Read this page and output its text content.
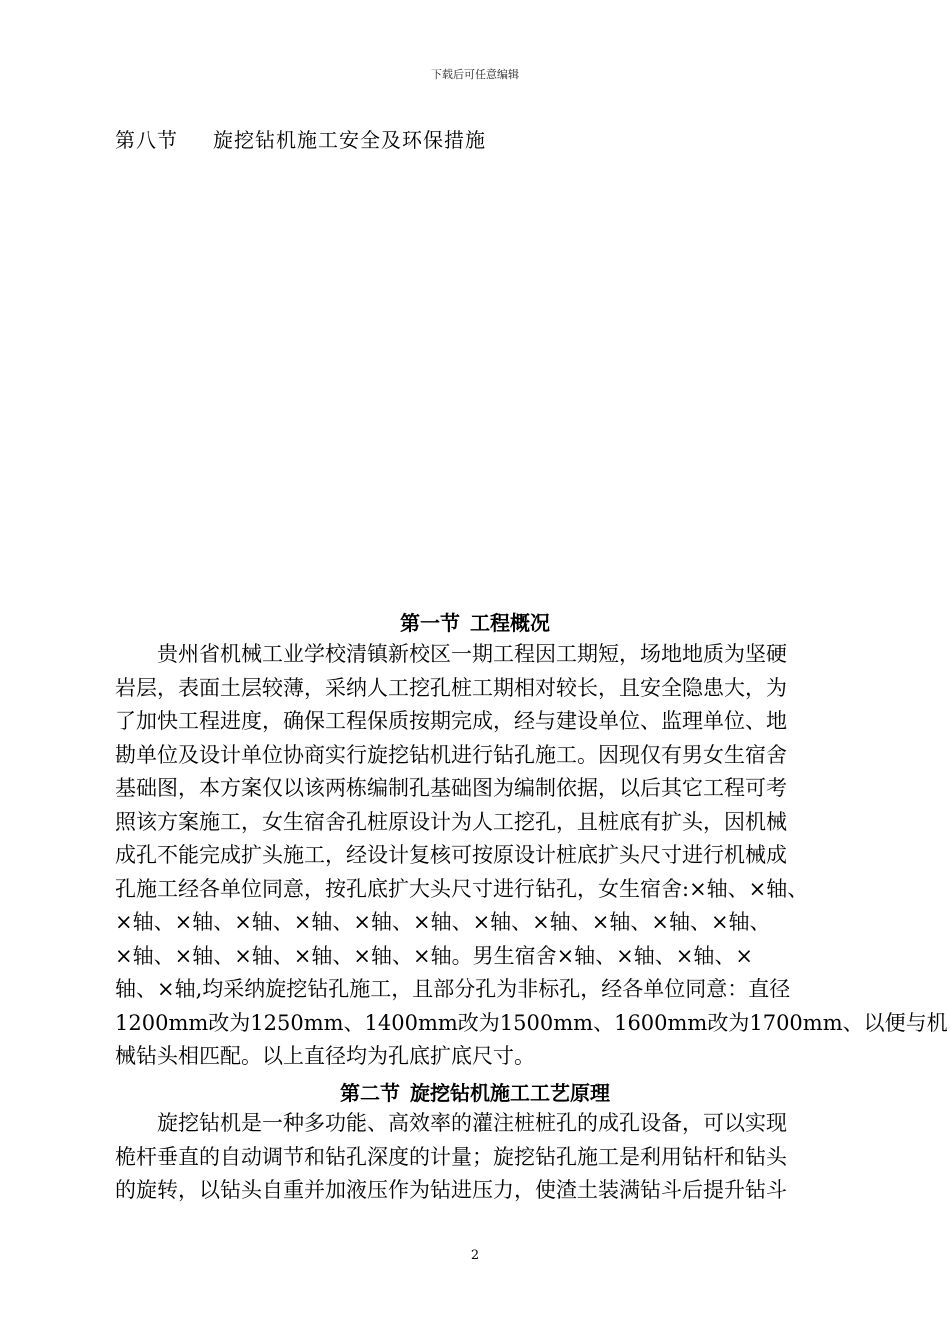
下载后可任意编辑
第八节 旋挖钻机施工安全及环保措施
第一节 工程概况
贵州省机械工业学校清镇新校区一期工程因工期短，场地地质为坚硬
岩层，表面土层较薄，采纳人工挖孔桩工期相对较长，且安全隐患大，为
了加快工程进度，确保工程保质按期完成，经与建设单位、监理单位、地
勘单位及设计单位协商实行旋挖钻机进行钻孔施工。因现仅有男女生宿舍
基础图，本方案仅以该两栋编制孔基础图为编制依据，以后其它工程可考
照该方案施工，女生宿舍孔桩原设计为人工挖孔，且桩底有扩头，因机械
成孔不能完成扩头施工，经设计复核可按原设计桩底扩头尺寸进行机械成
孔施工经各单位同意，按孔底扩大头尺寸进行钻孔，女生宿舍:×轴、×轴、
×轴、×轴、×轴、×轴、×轴、×轴、×轴、×轴、×轴、×轴、×轴、
×轴、×轴、×轴、×轴、×轴、×轴。男生宿舍×轴、×轴、×轴、×
轴、×轴,均采纳旋挖钻孔施工，且部分孔为非标孔，经各单位同意：直径
1200mm改为1250mm、1400mm改为1500mm、1600mm改为1700mm、以便与机
械钻头相匹配。以上直径均为孔底扩底尺寸。
第二节 旋挖钻机施工工艺原理
旋挖钻机是一种多功能、高效率的灌注桩桩孔的成孔设备，可以实现
桅杆垂直的自动调节和钻孔深度的计量；旋挖钻孔施工是利用钻杆和钻头
的旋转，以钻头自重并加液压作为钻进压力，使渣土装满钻斗后提升钻斗
2
